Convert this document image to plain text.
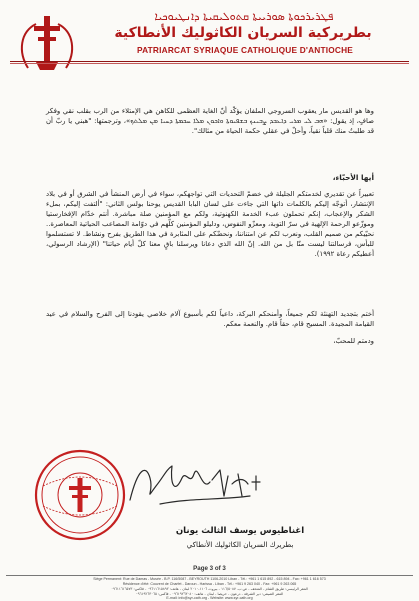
ܦܛܪܝܪܟܘܬܐ ܣܘܪܝܝܬܐ ܩܬܘܠܝܩܝܬܐ ܕܐܢܛܝܘܟܝܐ
بطريركية السريان الكاثوليك الأنطاكية
PATRIARCAT SYRIAQUE CATHOLIQUE D'ANTIOCHE

وها هو القديس مار يعقوب السروجي الملفان يؤكّد أنّ الغاية العظمى للكاهن هي الإمتلاء من الرب بقلب نقي وفكر صافٍ، إذ يقول: «ܗܒ ܠܝ ܡܪܝ ܕܐܥܒܕ ܨܒܝܢܟ ܒܫܦܝܘܬܐ ܘܐܟܘܢ ܡܠܐ ܚܟܡܬܐ ܕܚܝܐ ܡܢ ܡܠܬܟ»، وترجمتها: "هبني يا ربّ أن قد طلبتُ منك قلباً نقياً، وأحلّ في عقلي حكمة الحياة من مثالك".

أيها الأحبّاء،

تعبيراً عن تقديري لخدمتكم الجليلة في خضمّ التحديات التي تواجهكم، سواء في أرض المنشأ في الشرق أو في بلاد الإنتشار، أتوجّه إليكم بالكلمات ذاتها التي جاءت على لسان البابا القديس يوحنا بولس الثاني: "ألتفت إليكم، بملء الشكر والإعجاب، إنكم تحملون عبء الخدمة الكهنوتية، ولكم مع المؤمنين صلة مباشرة. أنتم خدّام الإفخارستيا وموزّعو الرحمة الإلهية في سرّ التوبة، ومعزّو النفوس، ودليلو المؤمنين كلّهم في دوّامة المصاعب الحياتية المعاصرة.. نحيّيكم من صميم القلب، ونعرب لكم عن امتناننا، ونحضّكم على المثابرة في هذا الطريق بفرح ونشاط. لا تستسلموا للبأس، فرسالتنا ليست منّا بل من الله. إنّ الله الذي دعانا ويرسلنا باقٍ معنا كلّ أيام حياتنا" (الإرشاد الرسولي، أعطيكم رعاة ١٩٩٢).

أختم بتجديد التهنئة لكم جميعاً، وأمنحكم البركة، داعياً لكم بأسبوع آلام خلاصي يقودنا إلى الفرح والسلام في عيد القيامة المجيدة. المسيح قام، حقاً قام. والنعمة معكم.

ودمتم للمحبّ،
اغناطيوس يوسف الثالث يونان
بطريرك السريان الكاثوليك الأنطاكي
Page 3 of 3
Siège Permanent: Rue de Damas - Musée - B.P. 116/5087 - BEYROUTH 1106-2010 Liban - Tél.: +961 1 615 892 - 615 894 - Fax: +961 1 616 573
Résidence d'été: Couvent de Charfet - Daroun - Harissa - Liban - Tél.: +961 9 263 040 - Fax: +961 9 263 065
المقر الرئيسي: طريق الشام - المتحف - ص.ب. ١١٦/٥٠٨٧ - بيروت ١١٠٦-٢٠١٠ لبنان - هاتف: ٠٩٦١١٦١٥٨٩٢ - فاكس: ٠٩٦١١٦١٦٥٧٣
المقر الصيفي: دير الشرفة - درعون - حريصا - لبنان - هاتف: ٠٩٦١٩٢٦٣٠٤٠ - فاكس: ٠٩٦١٩٢٦٣٠٦٥
E-mail: info@syr-cath.org - Website: www.syr-cath.org
